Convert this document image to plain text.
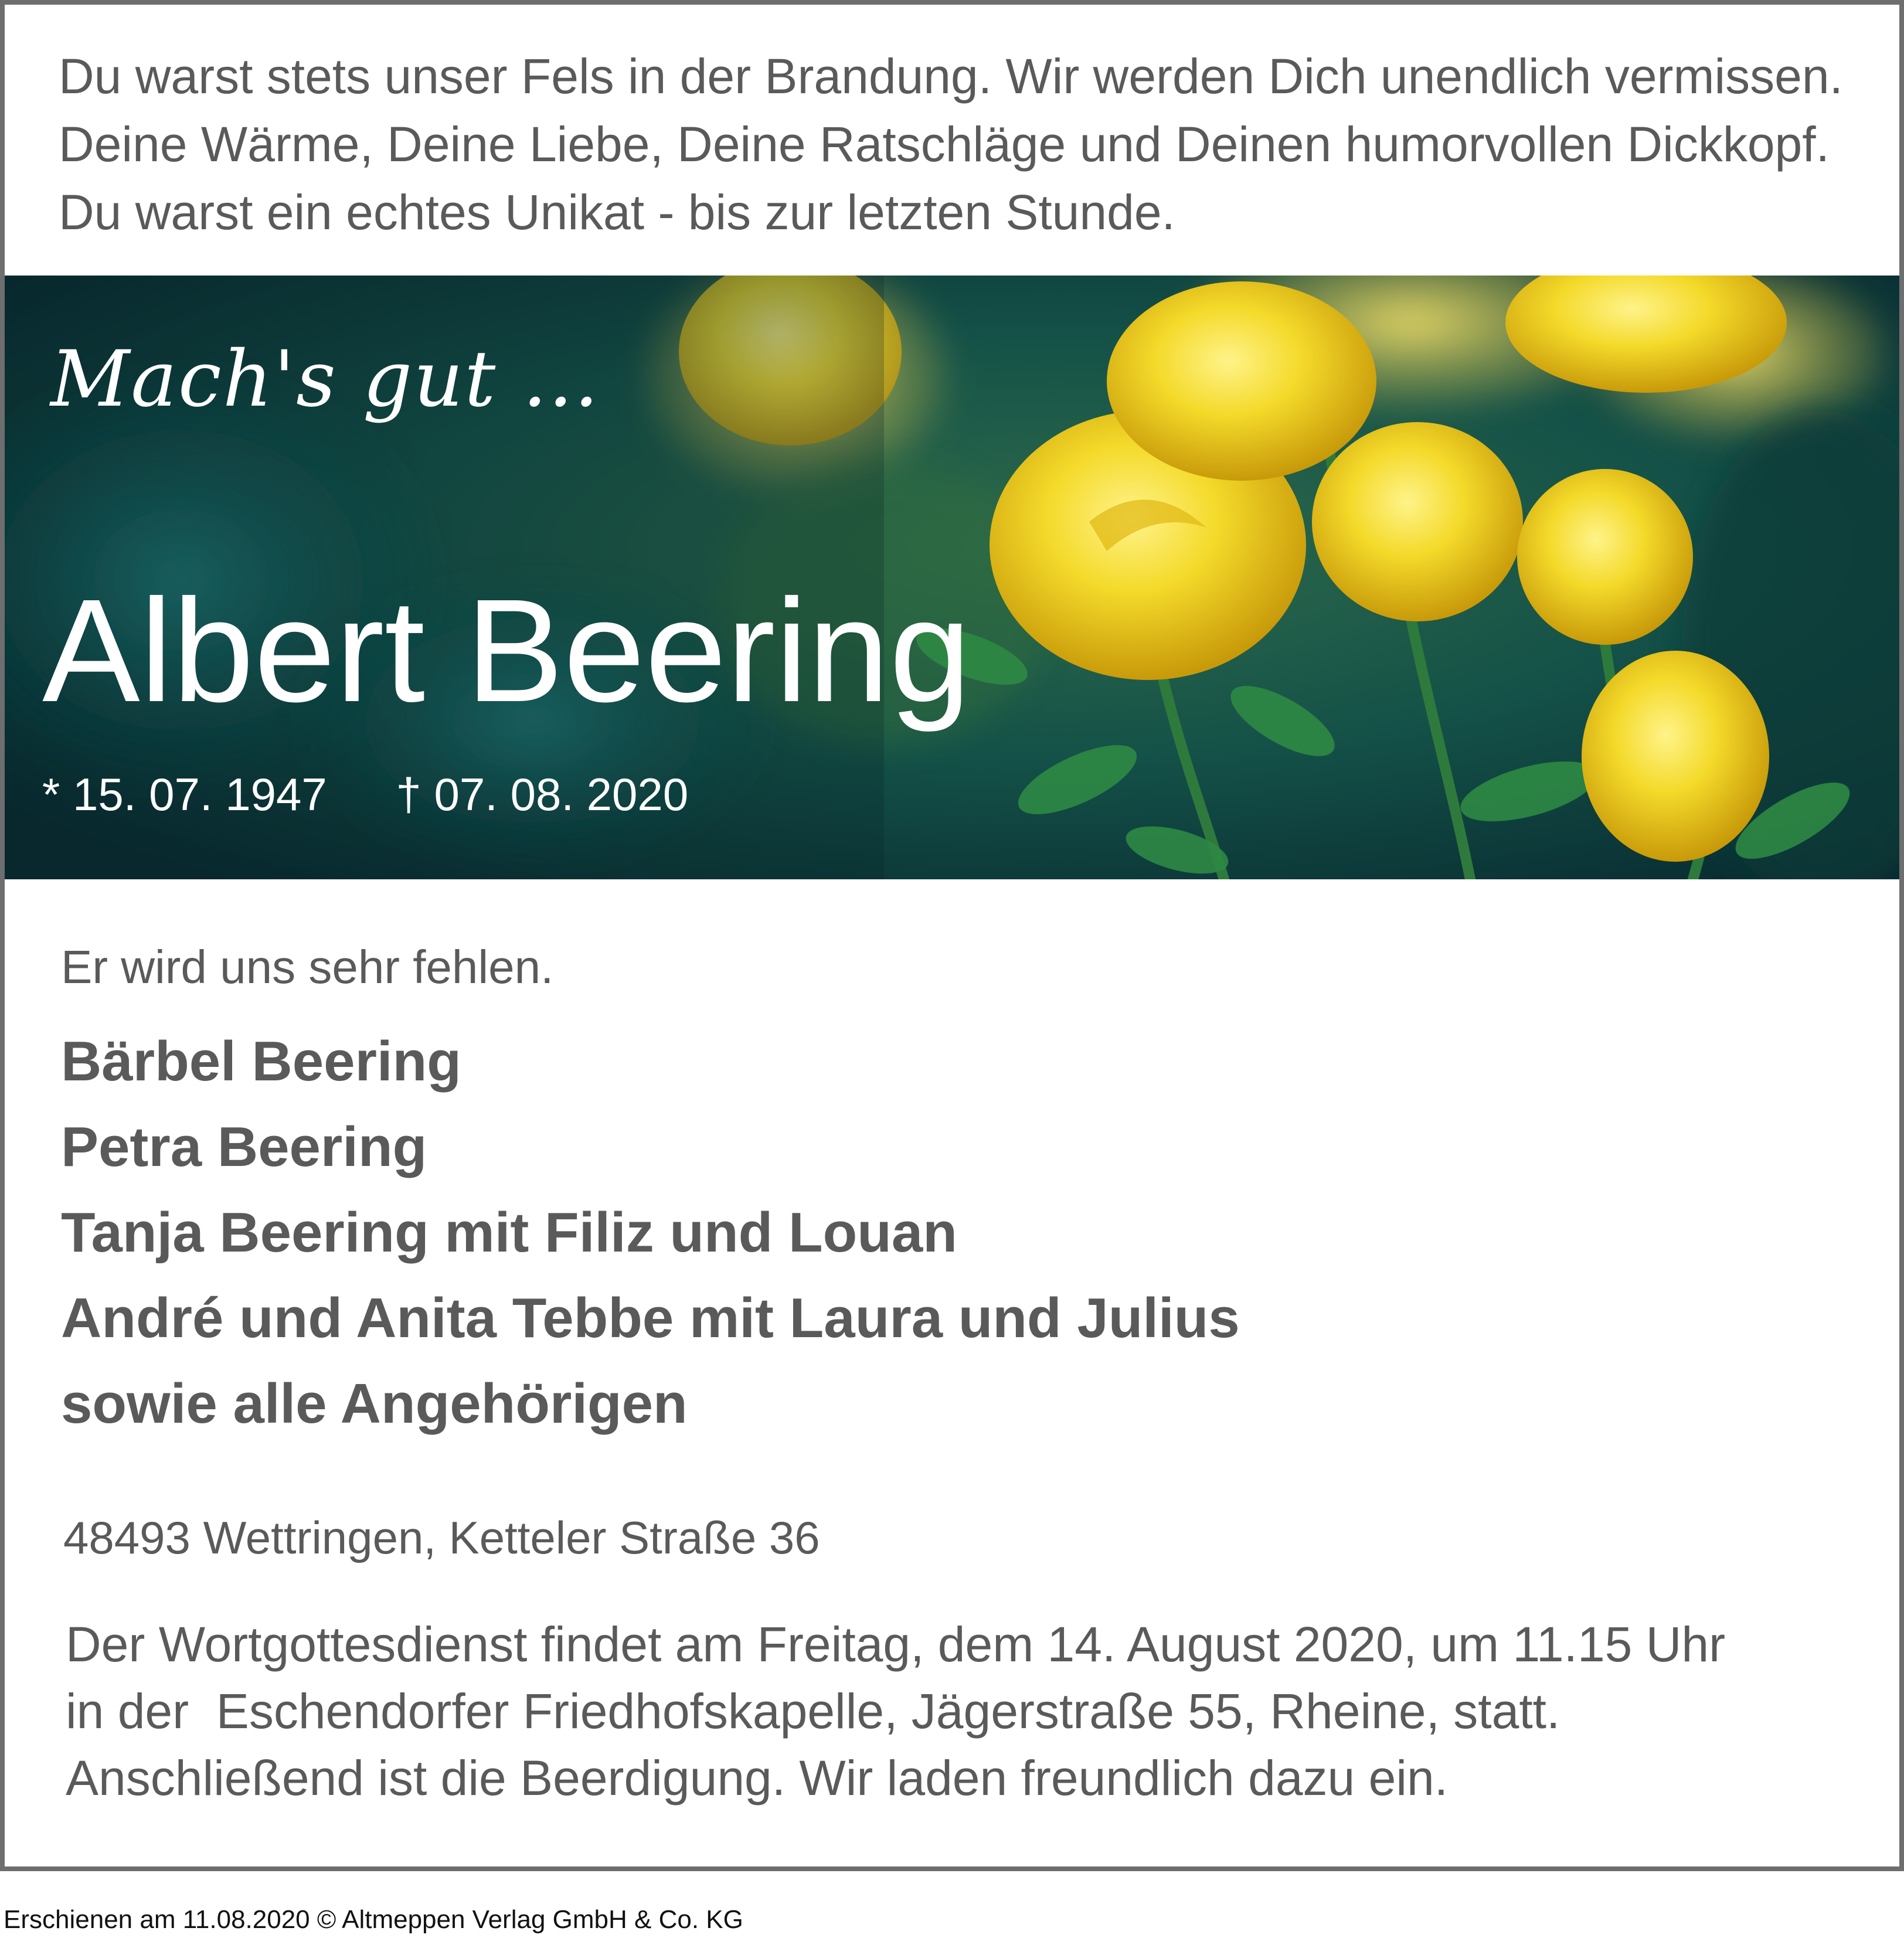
Du warst stets unser Fels in der Brandung. Wir werden Dich unendlich vermissen.
Deine Wärme, Deine Liebe, Deine Ratschläge und Deinen humorvollen Dickkopf.
Du warst ein echtes Unikat - bis zur letzten Stunde.
Er wird uns sehr fehlen.
Bärbel Beering
Petra Beering
Tanja Beering mit Filiz und Louan
André und Anita Tebbe mit Laura und Julius
sowie alle Angehörigen
48493 Wettringen, Ketteler Straße 36
Der Wortgottesdienst findet am Freitag, dem 14. August 2020, um 11.15 Uhr
in der  Eschendorfer Friedhofskapelle, Jägerstraße 55, Rheine, statt.
Anschließend ist die Beerdigung. Wir laden freundlich dazu ein.
Mach's gut ...
Albert Beering
* 15. 07. 1947 † 07. 08. 2020
Erschienen am 11.08.2020 © Altmeppen Verlag GmbH & Co. KG
